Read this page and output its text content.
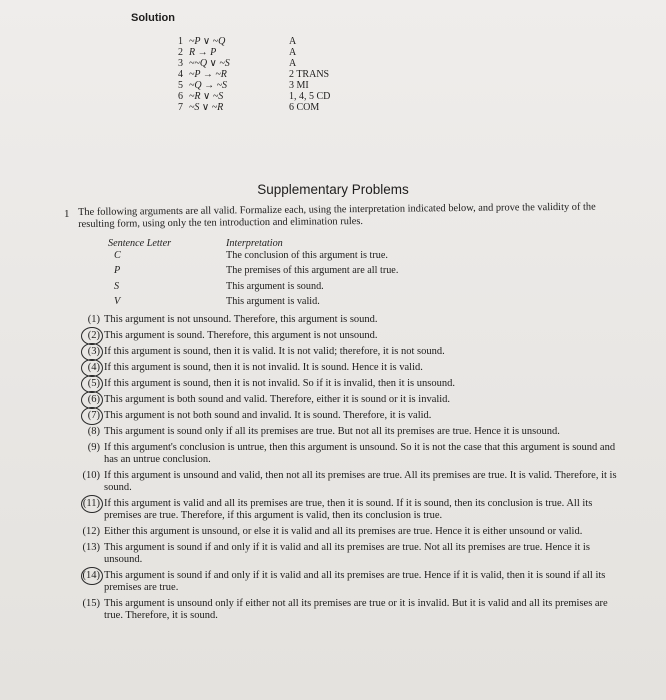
Solution
1 ~P ∨ ~Q	A
2 R → P	A
3 ~~Q ∨ ~S	A
4 ~P → ~R	2 TRANS
5 ~Q → ~S	3 MI
6 ~R ∨ ~S	1, 4, 5 CD
7 ~S ∨ ~R	6 COM
Supplementary Problems
1 The following arguments are all valid. Formalize each, using the interpretation indicated below, and prove the validity of the resulting form, using only the ten introduction and elimination rules.
Sentence Letter	Interpretation
C	The conclusion of this argument is true.
P	The premises of this argument are all true.
S	This argument is sound.
V	This argument is valid.
(1) This argument is not unsound. Therefore, this argument is sound.
(2) This argument is sound. Therefore, this argument is not unsound.
(3) If this argument is sound, then it is valid. It is not valid; therefore, it is not sound.
(4) If this argument is sound, then it is not invalid. It is sound. Hence it is valid.
(5) If this argument is sound, then it is not invalid. So if it is invalid, then it is unsound.
(6) This argument is both sound and valid. Therefore, either it is sound or it is invalid.
(7) This argument is not both sound and invalid. It is sound. Therefore, it is valid.
(8) This argument is sound only if all its premises are true. But not all its premises are true. Hence it is unsound.
(9) If this argument's conclusion is untrue, then this argument is unsound. So it is not the case that this argument is sound and has an untrue conclusion.
(10) If this argument is unsound and valid, then not all its premises are true. All its premises are true. It is valid. Therefore, it is sound.
(11) If this argument is valid and all its premises are true, then it is sound. If it is sound, then its conclusion is true. All its premises are true. Therefore, if this argument is valid, then its conclusion is true.
(12) Either this argument is unsound, or else it is valid and all its premises are true. Hence it is either unsound or valid.
(13) This argument is sound if and only if it is valid and all its premises are true. Not all its premises are true. Hence it is unsound.
(14) This argument is sound if and only if it is valid and all its premises are true. Hence if it is valid, then it is sound if all its premises are true.
(15) This argument is unsound only if either not all its premises are true or it is invalid. But it is valid and all its premises are true. Therefore, it is sound.
